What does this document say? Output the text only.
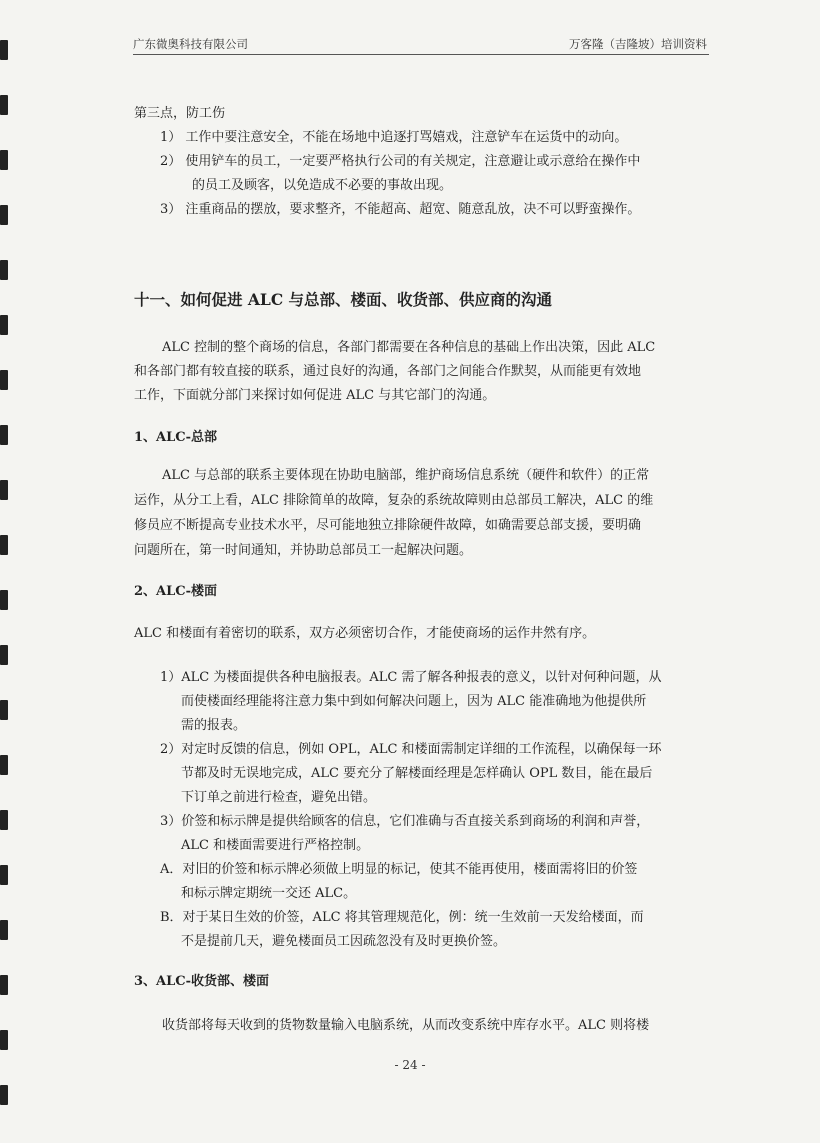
广东微奥科技有限公司	万客隆（吉隆坡）培训资料
第三点，防工伤
1） 工作中要注意安全，不能在场地中追逐打骂嬉戏，注意铲车在运货中的动向。
2） 使用铲车的员工，一定要严格执行公司的有关规定，注意避让或示意给在操作中
的员工及顾客，以免造成不必要的事故出现。
3） 注重商品的摆放，要求整齐，不能超高、超宽、随意乱放，决不可以野蛮操作。
十一、如何促进 ALC 与总部、楼面、收货部、供应商的沟通
ALC 控制的整个商场的信息，各部门都需要在各种信息的基础上作出决策，因此 ALC
和各部门都有较直接的联系，通过良好的沟通，各部门之间能合作默契，从而能更有效地
工作，下面就分部门来探讨如何促进 ALC 与其它部门的沟通。
1、ALC-总部
ALC 与总部的联系主要体现在协助电脑部，维护商场信息系统（硬件和软件）的正常
运作，从分工上看，ALC 排除简单的故障，复杂的系统故障则由总部员工解决，ALC 的维
修员应不断提高专业技术水平，尽可能地独立排除硬件故障，如确需要总部支援，要明确
问题所在，第一时间通知，并协助总部员工一起解决问题。
2、ALC-楼面
ALC 和楼面有着密切的联系，双方必须密切合作，才能使商场的运作井然有序。
1）ALC 为楼面提供各种电脑报表。ALC 需了解各种报表的意义，以针对何种问题，从
而使楼面经理能将注意力集中到如何解决问题上，因为 ALC 能准确地为他提供所
需的报表。
2）对定时反馈的信息，例如 OPL，ALC 和楼面需制定详细的工作流程，以确保每一环
节都及时无误地完成，ALC 要充分了解楼面经理是怎样确认 OPL 数目，能在最后
下订单之前进行检查，避免出错。
3）价签和标示牌是提供给顾客的信息，它们准确与否直接关系到商场的利润和声誉，
ALC 和楼面需要进行严格控制。
A．对旧的价签和标示牌必须做上明显的标记，使其不能再使用，楼面需将旧的价签
和标示牌定期统一交还 ALC。
B．对于某日生效的价签，ALC 将其管理规范化，例：统一生效前一天发给楼面，而
不是提前几天，避免楼面员工因疏忽没有及时更换价签。
3、ALC-收货部、楼面
收货部将每天收到的货物数量输入电脑系统，从而改变系统中库存水平。ALC 则将楼
- 24 -
